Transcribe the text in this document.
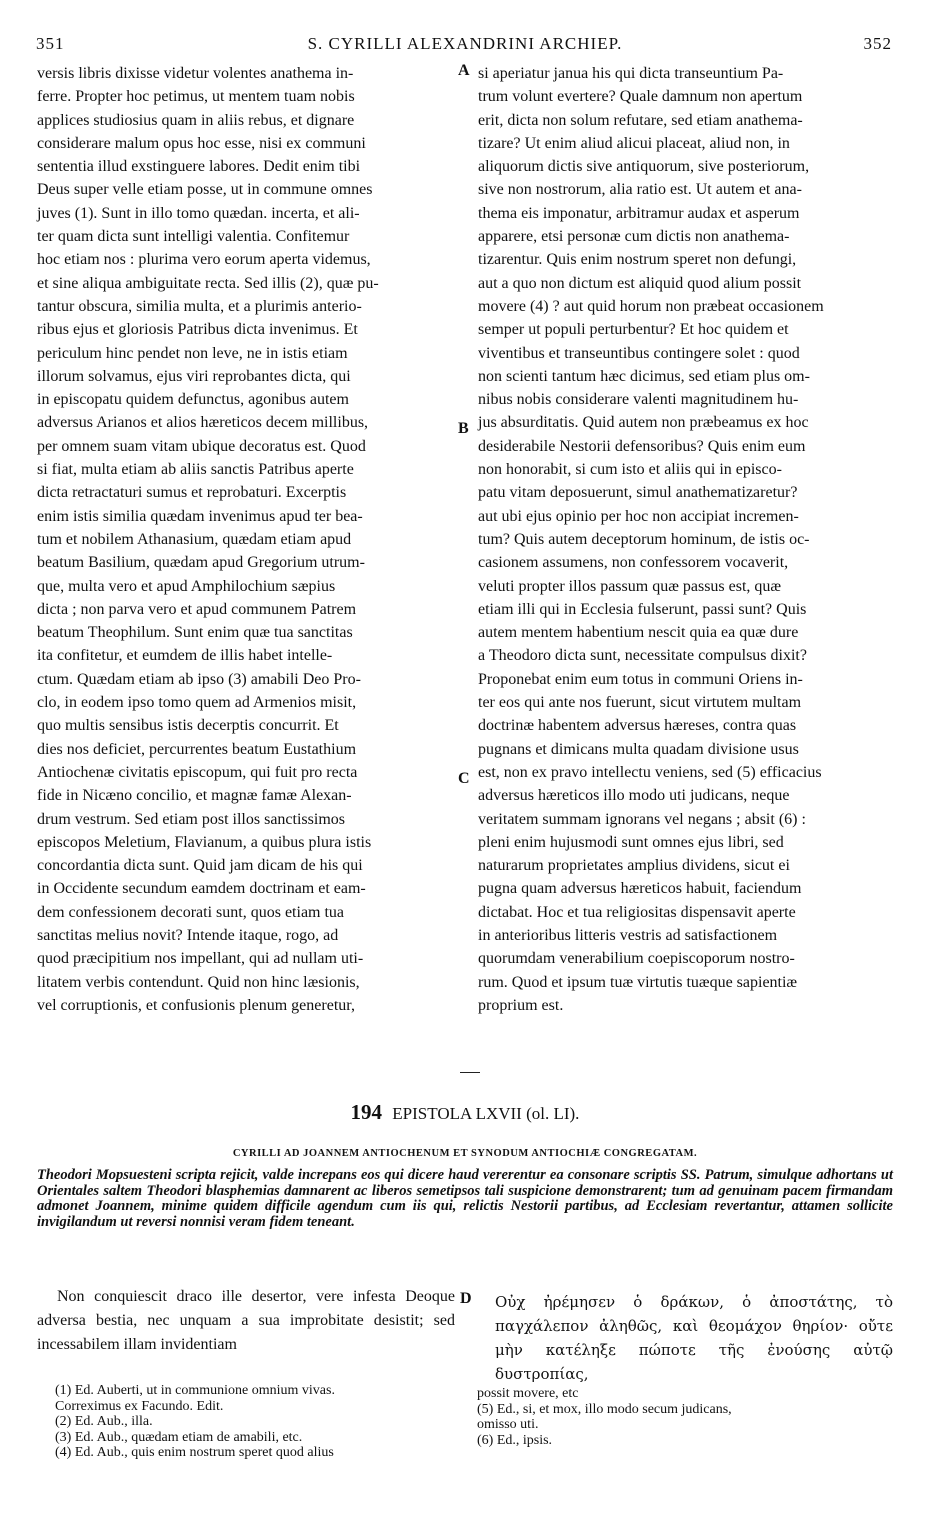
351	S. CYRILLI ALEXANDRINI ARCHIEP.	352
versis libris dixisse videtur volentes anathema in-
ferre. Propter hoc petimus, ut mentem tuam nobis
applices studiosius quam in aliis rebus, et dignare
considerare malum opus hoc esse, nisi ex communi
sententia illud exstinguere labores. Dedit enim tibi
Deus super velle etiam posse, ut in commune omnes
juves (1). Sunt in illo tomo quædan. incerta, et ali-
ter quam dicta sunt intelligi valentia. Confitemur
hoc etiam nos : plurima vero eorum aperta videmus,
et sine aliqua ambiguitate recta. Sed illis (2), quæ pu-
tantur obscura, similia multa, et a plurimis anterio-
ribus ejus et gloriosis Patribus dicta invenimus. Et
periculum hinc pendet non leve, ne in istis etiam
illorum solvamus, ejus viri reprobantes dicta, qui
in episcopatu quidem defunctus, agonibus autem
adversus Arianos et alios hæreticos decem millibus,
per omnem suam vitam ubique decoratus est. Quod
si fiat, multa etiam ab aliis sanctis Patribus aperte
dicta retractaturi sumus et reprobaturi. Excerptis
enim istis similia quædam invenimus apud ter bea-
tum et nobilem Athanasium, quædam etiam apud
beatum Basilium, quædam apud Gregorium utrum-
que, multa vero et apud Amphilochium sæpius
dicta ; non parva vero et apud communem Patrem
beatum Theophilum. Sunt enim quæ tua sanctitas
ita confitetur, et eumdem de illis habet intelle-
ctum. Quædam etiam ab ipso (3) amabili Deo Pro-
clo, in eodem ipso tomo quem ad Armenios misit,
quo multis sensibus istis decerptis concurrit. Et
dies nos deficiet, percurrentes beatum Eustathium
Antiochenæ civitatis episcopum, qui fuit pro recta
fide in Nicæno concilio, et magnæ famæ Alexan-
drum vestrum. Sed etiam post illos sanctissimos
episcopos Meletium, Flavianum, a quibus plura istis
concordantia dicta sunt. Quid jam dicam de his qui
in Occidente secundum eamdem doctrinam et eam-
dem confessionem decorati sunt, quos etiam tua
sanctitas melius novit? Intende itaque, rogo, ad
quod præcipitium nos impellant, qui ad nullam uti-
litatem verbis contendunt. Quid non hinc læsionis,
vel corruptionis, et confusionis plenum generetur,
si aperiatur janua his qui dicta transeuntium Pa-
trum volunt evertere? Quale damnum non apertum
erit, dicta non solum refutare, sed etiam anathema-
tizare? Ut enim aliud alicui placeat, aliud non, in
aliquorum dictis sive antiquorum, sive posteriorum,
sive non nostrorum, alia ratio est. Ut autem et ana-
thema eis imponatur, arbitramur audax et asperum
apparere, etsi personæ cum dictis non anathema-
tizarentur. Quis enim nostrum speret non defungi,
aut a quo non dictum est aliquid quod alium possit
movere (4) ? aut quid horum non præbeat occasionem
semper ut populi perturbentur? Et hoc quidem et
viventibus et transeuntibus contingere solet : quod
non scienti tantum hæc dicimus, sed etiam plus om-
nibus nobis considerare valenti magnitudinem hu-
jus absurditatis. Quid autem non præbeamus ex hoc
desiderabile Nestorii defensoribus? Quis enim eum
non honorabit, si cum isto et aliis qui in episco-
patu vitam deposuerunt, simul anathematizaretur?
aut ubi ejus opinio per hoc non accipiat incremen-
tum? Quis autem deceptorum hominum, de istis oc-
casionem assumens, non confessorem vocaverit,
veluti propter illos passum quæ passus est, quæ
etiam illi qui in Ecclesia fulserunt, passi sunt? Quis
autem mentem habentium nescit quia ea quæ dure
a Theodoro dicta sunt, necessitate compulsus dixit?
Proponebat enim eum totus in communi Oriens in-
ter eos qui ante nos fuerunt, sicut virtutem multam
doctrinæ habentem adversus hæreses, contra quas
pugnans et dimicans multa quadam divisione usus
est, non ex pravo intellectu veniens, sed (5) efficacius
adversus hæreticos illo modo uti judicans, neque
veritatem summam ignorans vel negans ; absit (6) :
pleni enim hujusmodi sunt omnes ejus libri, sed
naturarum proprietates amplius dividens, sicut ei
pugna quam adversus hæreticos habuit, faciendum
dictabat. Hoc et tua religiositas dispensavit aperte
in anterioribus litteris vestris ad satisfactionem
quorumdam venerabilium coepiscoporum nostro-
rum. Quod et ipsum tuæ virtutis tuæque sapientiæ
proprium est.
A
B
C
D
194 EPISTOLA LXVII (ol. LI).
CYRILLI AD JOANNEM ANTIOCHENUM ET SYNODUM ANTIOCHIÆ CONGREGATAM.
Theodori Mopsuesteni scripta rejicit, valde increpans eos qui dicere haud vererentur ea consonare scriptis SS. Patrum, simulque adhortans ut Orientales saltem Theodori blasphemias damnarent ac liberos semetipsos tali suspicione demonstrarent; tum ad genuinam pacem firmandam admonet Joannem, minime quidem difficile agendum cum iis qui, relictis Nestorii partibus, ad Ecclesiam revertantur, attamen sollicite invigilandum ut reversi nonnisi veram fidem teneant.

Non conquiescit draco ille desertor, vere infesta Deoque adversa bestia, nec unquam a sua improbitate desistit; sed incessabilem illam invidentiam

Οὐχ ἠρέμησεν ὁ δράκων, ὁ ἀποστάτης, τὸ παγχάλεπον ἀληθῶς, καὶ θεομάχον θηρίον· οὔτε μὴν κατέληξε πώποτε τῆς ἐνούσης αὐτῷ δυστροπίας,
(1) Ed. Auberti, ut in communione omnium vivas.
Correximus ex Facundo. Edit.
(2) Ed. Aub., illa.
(3) Ed. Aub., quædam etiam de amabili, etc.
(4) Ed. Aub., quis enim nostrum speret quod alius
possit movere, etc
(5) Ed., si, et mox, illo modo secum judicans,
omisso uti.
(6) Ed., ipsis.
